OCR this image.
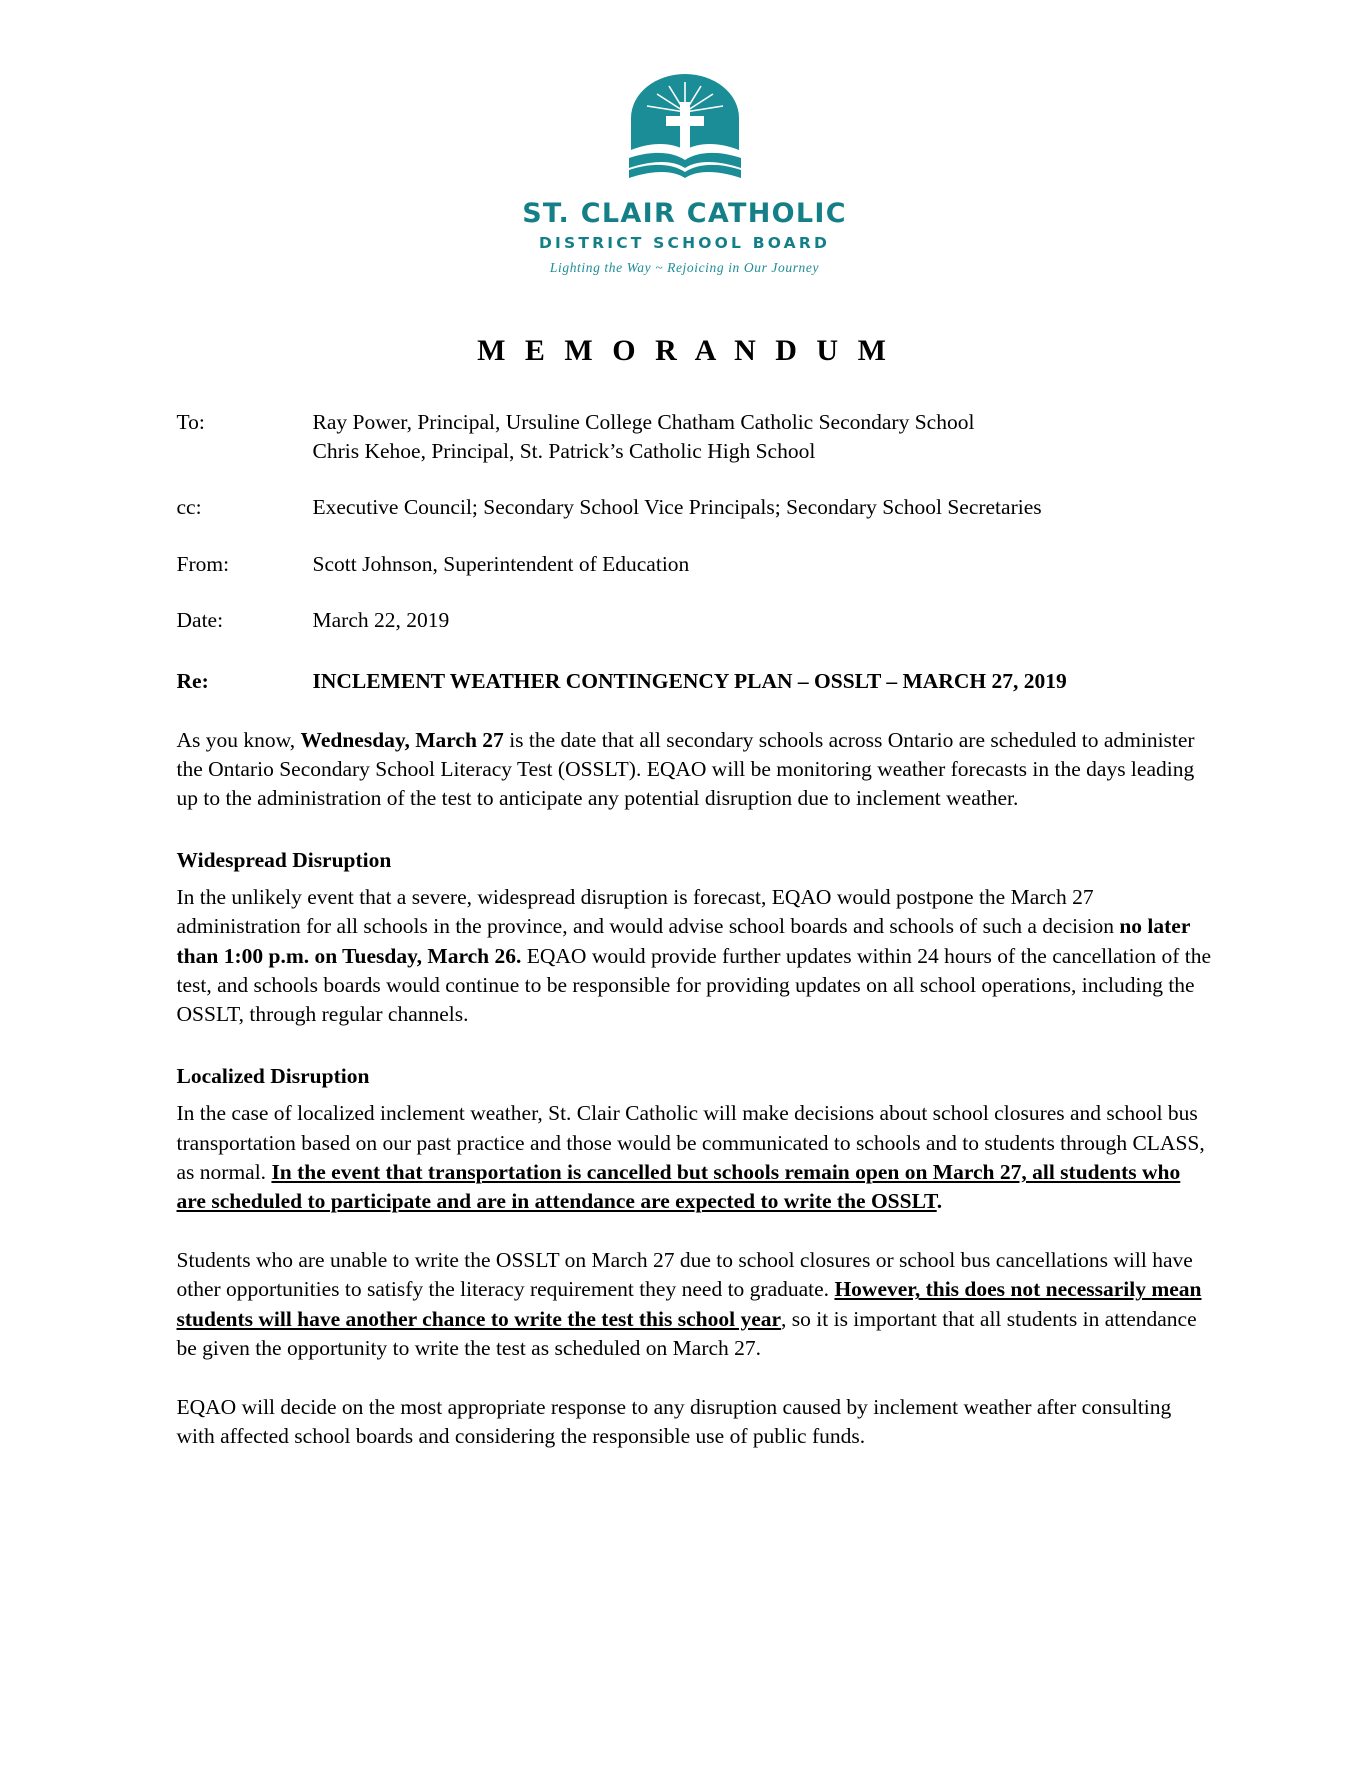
ST. CLAIR CATHOLIC
DISTRICT SCHOOL BOARD
Lighting the Way ~ Rejoicing in Our Journey
M E M O R A N D U M
To:	Ray Power, Principal, Ursuline College Chatham Catholic Secondary School
Chris Kehoe, Principal, St. Patrick’s Catholic High School
cc:	Executive Council; Secondary School Vice Principals; Secondary School Secretaries
From:	Scott Johnson, Superintendent of Education
Date:	March 22, 2019
Re:	INCLEMENT WEATHER CONTINGENCY PLAN – OSSLT – MARCH 27, 2019

As you know, Wednesday, March 27 is the date that all secondary schools across Ontario are scheduled to administer the Ontario Secondary School Literacy Test (OSSLT). EQAO will be monitoring weather forecasts in the days leading up to the administration of the test to anticipate any potential disruption due to inclement weather.

Widespread Disruption

In the unlikely event that a severe, widespread disruption is forecast, EQAO would postpone the March 27 administration for all schools in the province, and would advise school boards and schools of such a decision no later than 1:00 p.m. on Tuesday, March 26. EQAO would provide further updates within 24 hours of the cancellation of the test, and schools boards would continue to be responsible for providing updates on all school operations, including the OSSLT, through regular channels.

Localized Disruption

In the case of localized inclement weather, St. Clair Catholic will make decisions about school closures and school bus transportation based on our past practice and those would be communicated to schools and to students through CLASS, as normal. In the event that transportation is cancelled but schools remain open on March 27, all students who are scheduled to participate and are in attendance are expected to write the OSSLT.

Students who are unable to write the OSSLT on March 27 due to school closures or school bus cancellations will have other opportunities to satisfy the literacy requirement they need to graduate. However, this does not necessarily mean students will have another chance to write the test this school year, so it is important that all students in attendance be given the opportunity to write the test as scheduled on March 27.

EQAO will decide on the most appropriate response to any disruption caused by inclement weather after consulting with affected school boards and considering the responsible use of public funds.
